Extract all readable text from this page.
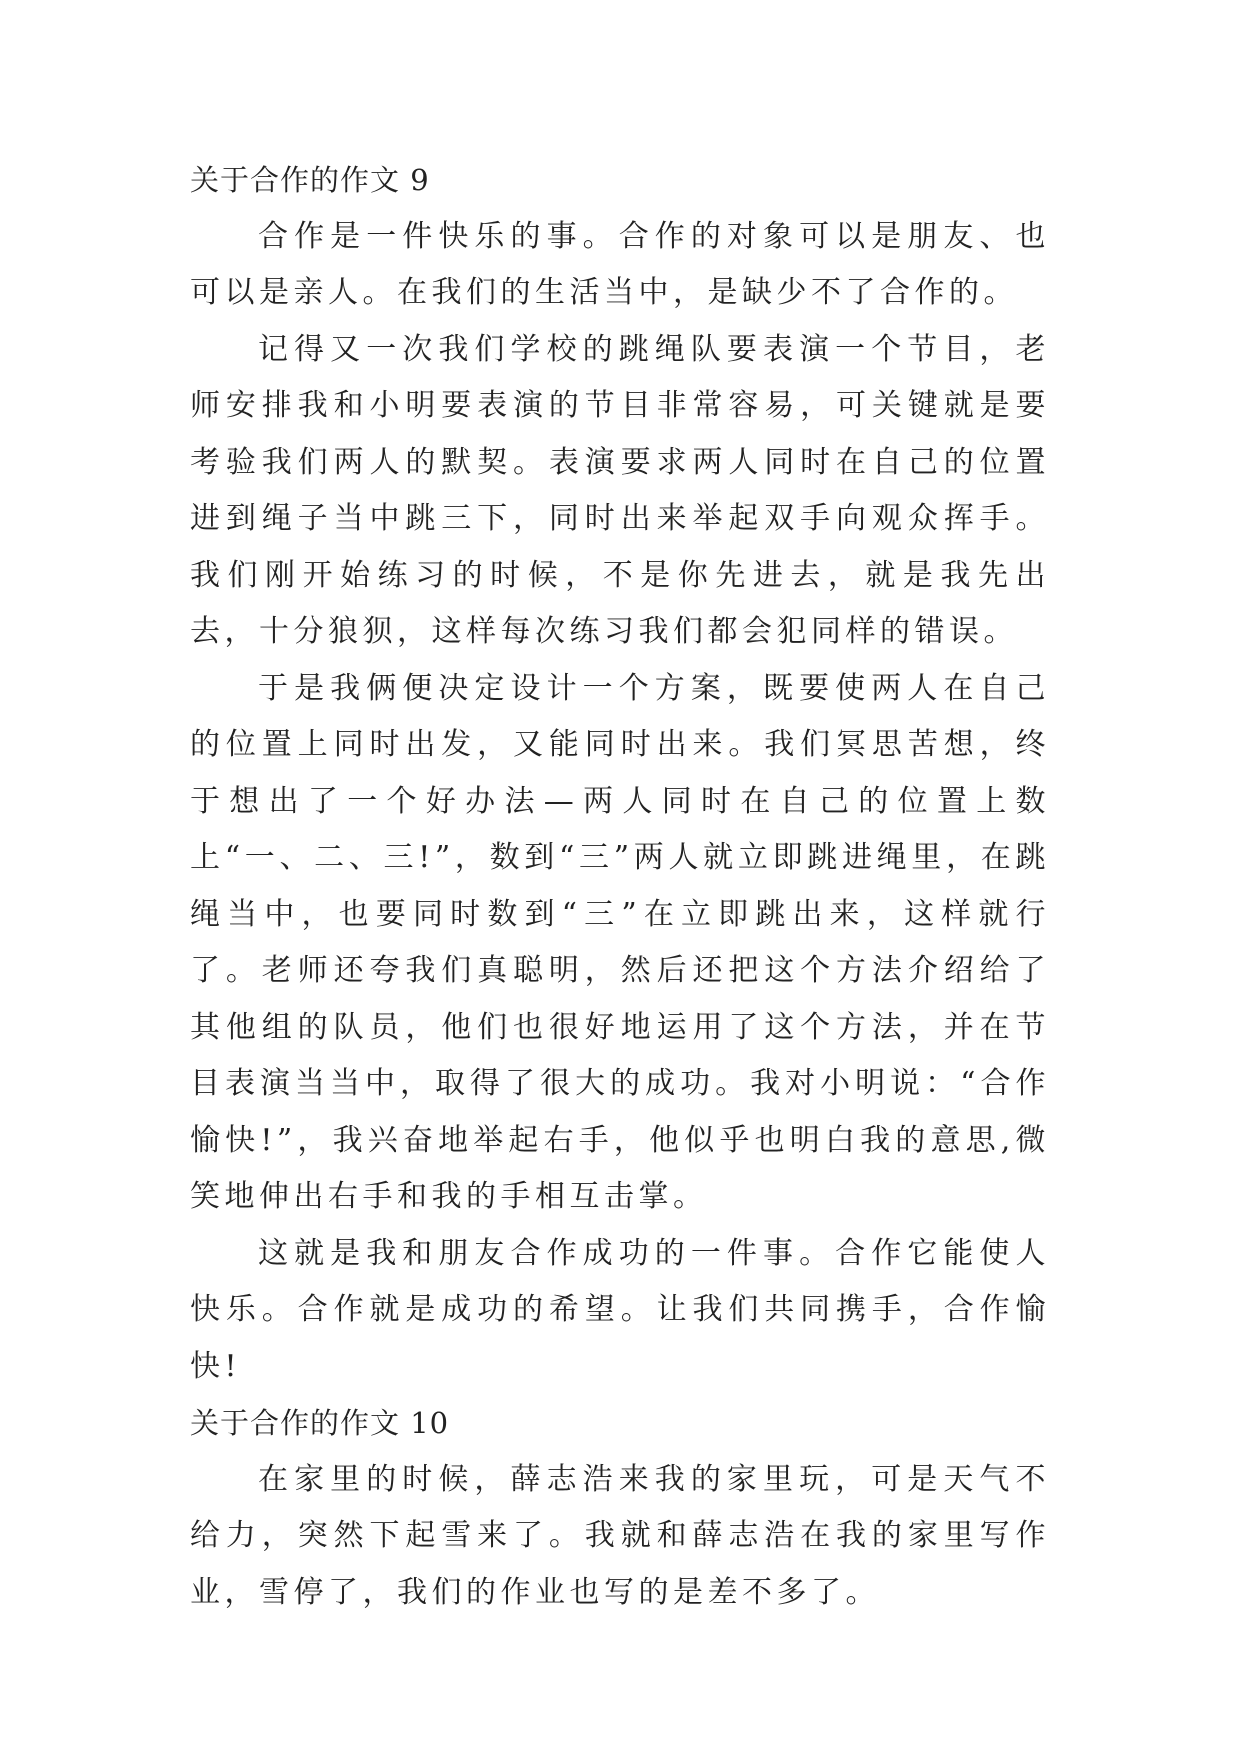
关于合作的作文 9
合作是一件快乐的事。合作的对象可以是朋友、也可以是亲人。在我们的生活当中，是缺少不了合作的。
记得又一次我们学校的跳绳队要表演一个节目，老师安排我和小明要表演的节目非常容易，可关键就是要考验我们两人的默契。表演要求两人同时在自己的位置进到绳子当中跳三下，同时出来举起双手向观众挥手。我们刚开始练习的时候，不是你先进去，就是我先出去，十分狼狈，这样每次练习我们都会犯同样的错误。
于是我俩便决定设计一个方案，既要使两人在自己的位置上同时出发，又能同时出来。我们冥思苦想，终于想出了一个好办法—两人同时在自己的位置上数上“一、二、三!”，数到“三”两人就立即跳进绳里，在跳绳当中，也要同时数到“三”在立即跳出来，这样就行了。老师还夸我们真聪明，然后还把这个方法介绍给了其他组的队员，他们也很好地运用了这个方法，并在节目表演当当中，取得了很大的成功。我对小明说：“合作愉快!”，我兴奋地举起右手，他似乎也明白我的意思,微笑地伸出右手和我的手相互击掌。
这就是我和朋友合作成功的一件事。合作它能使人快乐。合作就是成功的希望。让我们共同携手，合作愉快!
关于合作的作文 10
在家里的时候，薛志浩来我的家里玩，可是天气不给力，突然下起雪来了。我就和薛志浩在我的家里写作业，雪停了，我们的作业也写的是差不多了。
